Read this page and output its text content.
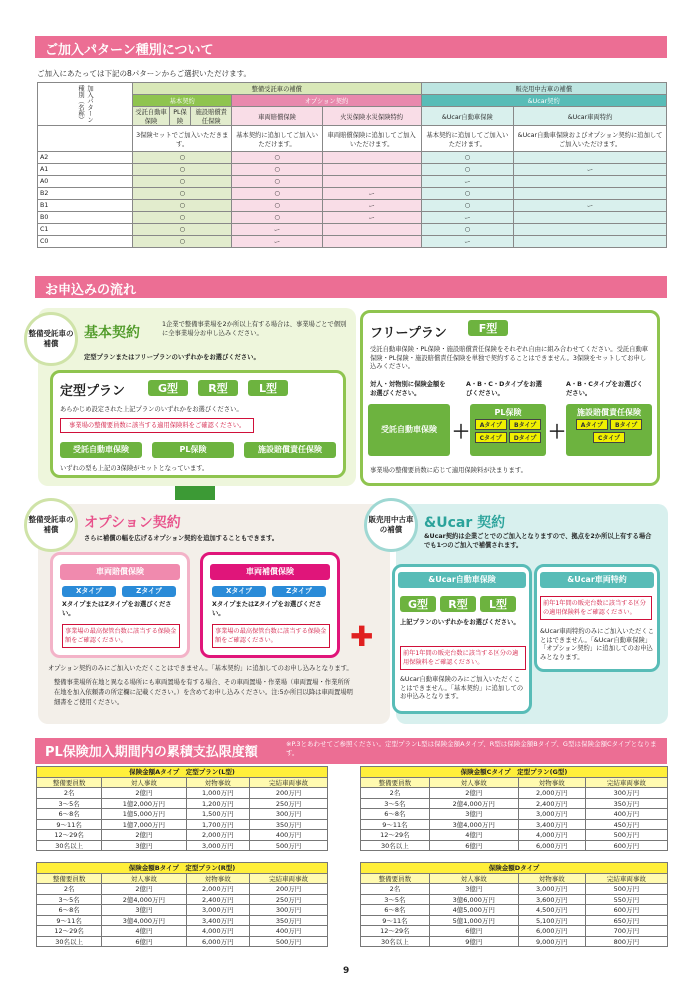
ご加入パターン種別について
ご加入にあたっては下記の8パターンからご選択いただけます。
加入パターン種別（名称）	整備受託車の補償					販売用中古車の補償	
	基本契約			オプション契約		&Ucar契約	
	受託自動車保険	PL保険	施設賠償責任保険	車両賠償保険	火災保険水災保険特約	&Ucar自動車保険	&Ucar車両特約
	3保険セットでご加入いただきます。			基本契約に追加してご加入いただけます。	車両賠償保険に追加してご加入いただけます。	基本契約に追加してご加入いただけます。	&Ucar自動車保険およびオプション契約に追加してご加入いただけます。
A2	○			○		○	
A1	○			○		○	ー
A0	○			○		ー	
B2	○			○	ー	○	
B1	○			○	ー	○	ー
B0	○			○	ー	ー	
C1	○			ー		○	
C0	○			ー		ー	
お申込みの流れ
整備受託車の補償
基本契約
1企業で整備事業場を2か所以上有する場合は、事業場ごとで個別に全事業場分お申し込みください。
定型プランまたはフリープランのいずれかをお選びください。
定型プラン	G型	R型	L型
あらかじめ設定された上記プランのいずれかをお選びください。
事業場の整備要員数に該当する適用保険料をご確認ください。
受託自動車保険	PL保険	施設賠償責任保険
いずれの型も上記の3保険がセットとなっています。
フリープラン	F型
受託自動車保険・PL保険・施設賠償責任保険をそれぞれ自由に組み合わせてください。受託自動車保険・PL保険・施設賠償責任保険を単独で契約することはできません。3保険をセットしてお申し込みください。
対人・対物別に保険金額をお選びください。
A・B・C・Dタイプをお選びください。
A・B・Cタイプをお選びください。
受託自動車保険 ＋
PL保険
Aタイプ BタイプCタイプ Dタイプ ＋
施設賠償責任保険
Aタイプ BタイプCタイプ
事業場の整備要員数に応じて適用保険料が決まります。
整備受託車の補償	オプション契約
さらに補償の幅を広げるオプション契約を追加することもできます。
車両賠償保険
Xタイプ	Zタイプ
XタイプまたはZタイプをお選びください。
事業場の最高保管台数に該当する保険金額をご確認ください。
車両補償保険
Xタイプ	Zタイプ
XタイプまたはZタイプをお選びください。
事業場の最高保管台数に該当する保険金額をご確認ください。
オプション契約のみにご加入いただくことはできません。「基本契約」に追加してのお申し込みとなります。
整備事業場所在地と異なる場所にも車両置場を有する場合、その車両置場・作業場（車両置場・作業所所在地を加入依頼書の所定欄に記載ください。）を含めてお申し込みください。注:5か所目以降は車両置場明細書をご使用ください。
✚
販売用中古車の補償	&Ucar 契約
&Ucar契約は企業ごとでのご加入となりますので、拠点を2か所以上有する場合でも1つのご加入で補償されます。
&Ucar自動車保険
G型	R型	L型
上記プランのいずれかをお選びください。
前年1年間の販売台数に該当する区分の適用保険料をご確認ください。
&Ucar自動車保険のみにご加入いただくことはできません。「基本契約」に追加してのお申込みとなります。
&Ucar車両特約
前年1年間の販売台数に該当する区分の適用保険料をご確認ください。
&Ucar車両特約のみにご加入いただくことはできません。「&Ucar自動車保険」「オプション契約」に追加してのお申込みとなります。
PL保険加入期間内の累積支払限度額
※P.3とあわせてご参照ください。定型プランL型は保険金額Aタイプ、R型は保険金額Bタイプ、G型は保険金額Cタイプとなります。
保険金額Aタイプ　定型プラン(L型)			
整備要員数	対人事故	対物事故	完結車両事故
2名	2億円	1,000万円	200万円
3～5名	1億2,000万円	1,200万円	250万円
6～8名	1億5,000万円	1,500万円	300万円
9～11名	1億7,000万円	1,700万円	350万円
12～29名	2億円	2,000万円	400万円
30名以上	3億円	3,000万円	500万円
保険金額Cタイプ　定型プラン(G型)			
整備要員数	対人事故	対物事故	完結車両事故
2名	2億円	2,000万円	300万円
3～5名	2億4,000万円	2,400万円	350万円
6～8名	3億円	3,000万円	400万円
9～11名	3億4,000万円	3,400万円	450万円
12～29名	4億円	4,000万円	500万円
30名以上	6億円	6,000万円	600万円
保険金額Bタイプ　定型プラン(R型)			
整備要員数	対人事故	対物事故	完結車両事故
2名	2億円	2,000万円	200万円
3～5名	2億4,000万円	2,400万円	250万円
6～8名	3億円	3,000万円	300万円
9～11名	3億4,000万円	3,400万円	350万円
12～29名	4億円	4,000万円	400万円
30名以上	6億円	6,000万円	500万円
保険金額Dタイプ			
整備要員数	対人事故	対物事故	完結車両事故
2名	3億円	3,000万円	500万円
3～5名	3億6,000万円	3,600万円	550万円
6～8名	4億5,000万円	4,500万円	600万円
9～11名	5億1,000万円	5,100万円	650万円
12～29名	6億円	6,000万円	700万円
30名以上	9億円	9,000万円	800万円
9
